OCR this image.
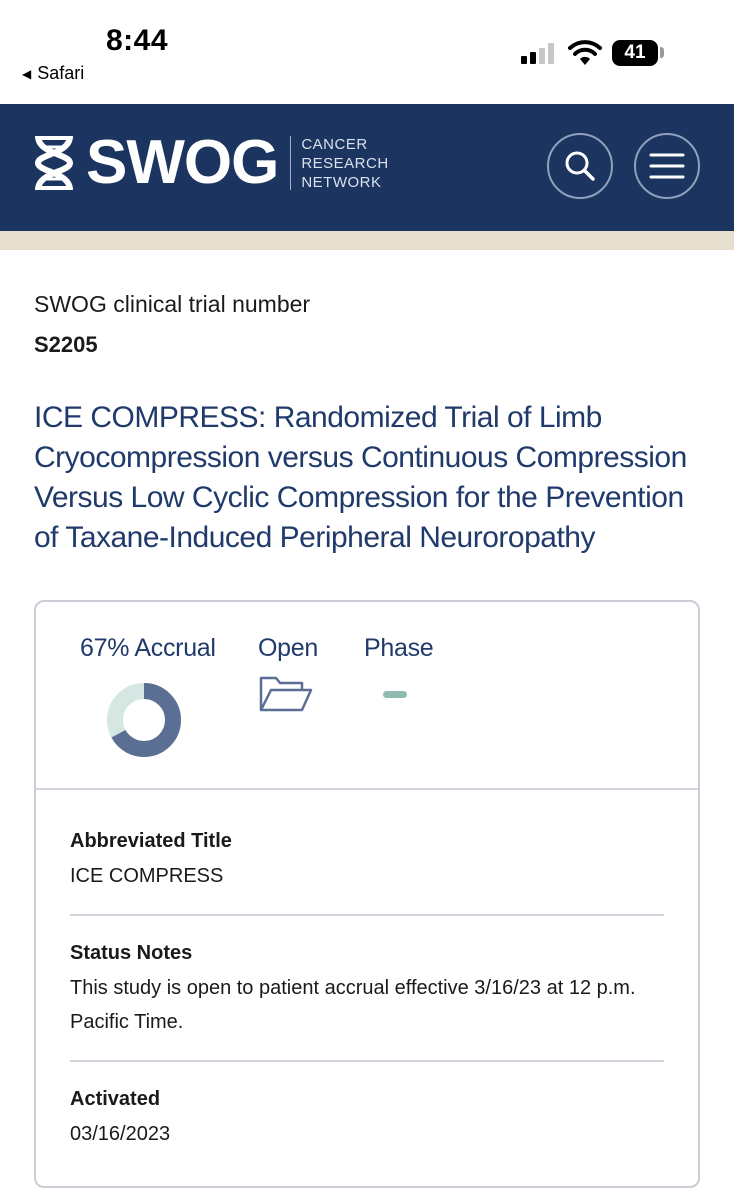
8:44
◀ Safari
41
SWOG CANCER
RESEARCH
NETWORK
SWOG clinical trial number
S2205
ICE COMPRESS: Randomized Trial of Limb Cryocompression versus Continuous Compression Versus Low Cyclic Compression for the Prevention of Taxane-Induced Peripheral Neuroropathy
67% Accrual Open Phase
Abbreviated Title
ICE COMPRESS
Status Notes
This study is open to patient accrual effective 3/16/23 at 12 p.m. Pacific Time.
Activated
03/16/2023
